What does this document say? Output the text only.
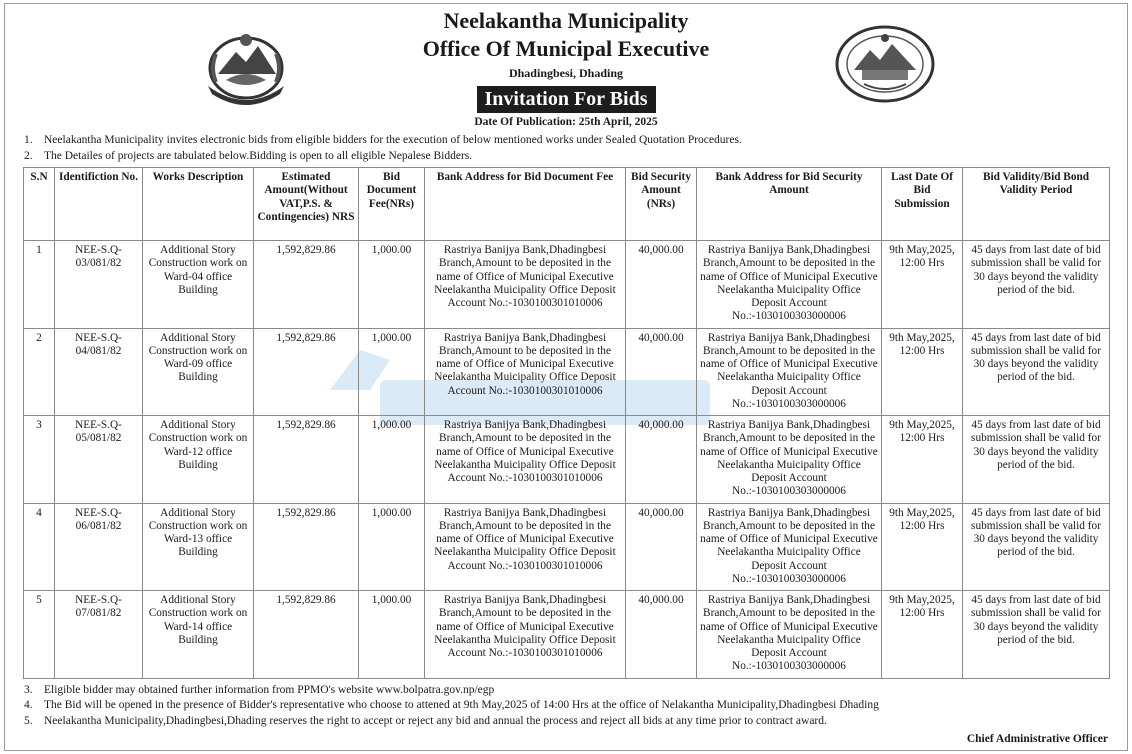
Neelakantha Municipality
Office Of Municipal Executive
Dhadingbesi, Dhading
Invitation For Bids
Date Of Publication: 25th April, 2025
1. Neelakantha Municipality invites electronic bids from eligible bidders for the execution of below mentioned works under Sealed Quotation Procedures.
2. The Detailes of projects are tabulated below.Bidding is open to all eligible Nepalese Bidders.
S.N	Identifiction No.	Works Description	Estimated Amount(Without VAT,P.S. & Contingencies) NRS	Bid Document Fee(NRs)	Bank Address for Bid Document Fee	Bid Security Amount (NRs)	Bank Address for Bid Security Amount	Last Date Of Bid Submission	Bid Validity/Bid Bond Validity Period
1	NEE-S.Q-03/081/82	Additional Story Construction work on Ward-04 office Building	1,592,829.86	1,000.00	Rastriya Banijya Bank,Dhadingbesi Branch,Amount to be deposited in the name of Office of Municipal Executive Neelakantha Muicipality Office Deposit Account No.:-1030100301010006	40,000.00	Rastriya Banijya Bank,Dhadingbesi Branch,Amount to be deposited in the name of Office of Municipal Executive Neelakantha Muicipality Office Deposit Account No.:-1030100303000006	9th May,2025, 12:00 Hrs	45 days from last date of bid submission shall be valid for 30 days beyond the validity period of the bid.
2	NEE-S.Q-04/081/82	Additional Story Construction work on Ward-09 office Building	1,592,829.86	1,000.00	Rastriya Banijya Bank,Dhadingbesi Branch,Amount to be deposited in the name of Office of Municipal Executive Neelakantha Muicipality Office Deposit Account No.:-1030100301010006	40,000.00	Rastriya Banijya Bank,Dhadingbesi Branch,Amount to be deposited in the name of Office of Municipal Executive Neelakantha Muicipality Office Deposit Account No.:-1030100303000006	9th May,2025, 12:00 Hrs	45 days from last date of bid submission shall be valid for 30 days beyond the validity period of the bid.
3	NEE-S.Q-05/081/82	Additional Story Construction work on Ward-12 office Building	1,592,829.86	1,000.00	Rastriya Banijya Bank,Dhadingbesi Branch,Amount to be deposited in the name of Office of Municipal Executive Neelakantha Muicipality Office Deposit Account No.:-1030100301010006	40,000.00	Rastriya Banijya Bank,Dhadingbesi Branch,Amount to be deposited in the name of Office of Municipal Executive Neelakantha Muicipality Office Deposit Account No.:-1030100303000006	9th May,2025, 12:00 Hrs	45 days from last date of bid submission shall be valid for 30 days beyond the validity period of the bid.
4	NEE-S.Q-06/081/82	Additional Story Construction work on Ward-13 office Building	1,592,829.86	1,000.00	Rastriya Banijya Bank,Dhadingbesi Branch,Amount to be deposited in the name of Office of Municipal Executive Neelakantha Muicipality Office Deposit Account No.:-1030100301010006	40,000.00	Rastriya Banijya Bank,Dhadingbesi Branch,Amount to be deposited in the name of Office of Municipal Executive Neelakantha Muicipality Office Deposit Account No.:-1030100303000006	9th May,2025, 12:00 Hrs	45 days from last date of bid submission shall be valid for 30 days beyond the validity period of the bid.
5	NEE-S.Q-07/081/82	Additional Story Construction work on Ward-14 office Building	1,592,829.86	1,000.00	Rastriya Banijya Bank,Dhadingbesi Branch,Amount to be deposited in the name of Office of Municipal Executive Neelakantha Muicipality Office Deposit Account No.:-1030100301010006	40,000.00	Rastriya Banijya Bank,Dhadingbesi Branch,Amount to be deposited in the name of Office of Municipal Executive Neelakantha Muicipality Office Deposit Account No.:-1030100303000006	9th May,2025, 12:00 Hrs	45 days from last date of bid submission shall be valid for 30 days beyond the validity period of the bid.
3. Eligible bidder may obtained further information from PPMO's website www.bolpatra.gov.np/egp
4. The Bid will be opened in the presence of Bidder's representative who choose to attened at 9th May,2025 of 14:00 Hrs at the office of Nelakantha Municipality,Dhadingbesi Dhading
5. Neelakantha Municipality,Dhadingbesi,Dhading reserves the right to accept or reject any bid and annual the process and reject all bids at any time prior to contract award.
Chief Administrative Officer
